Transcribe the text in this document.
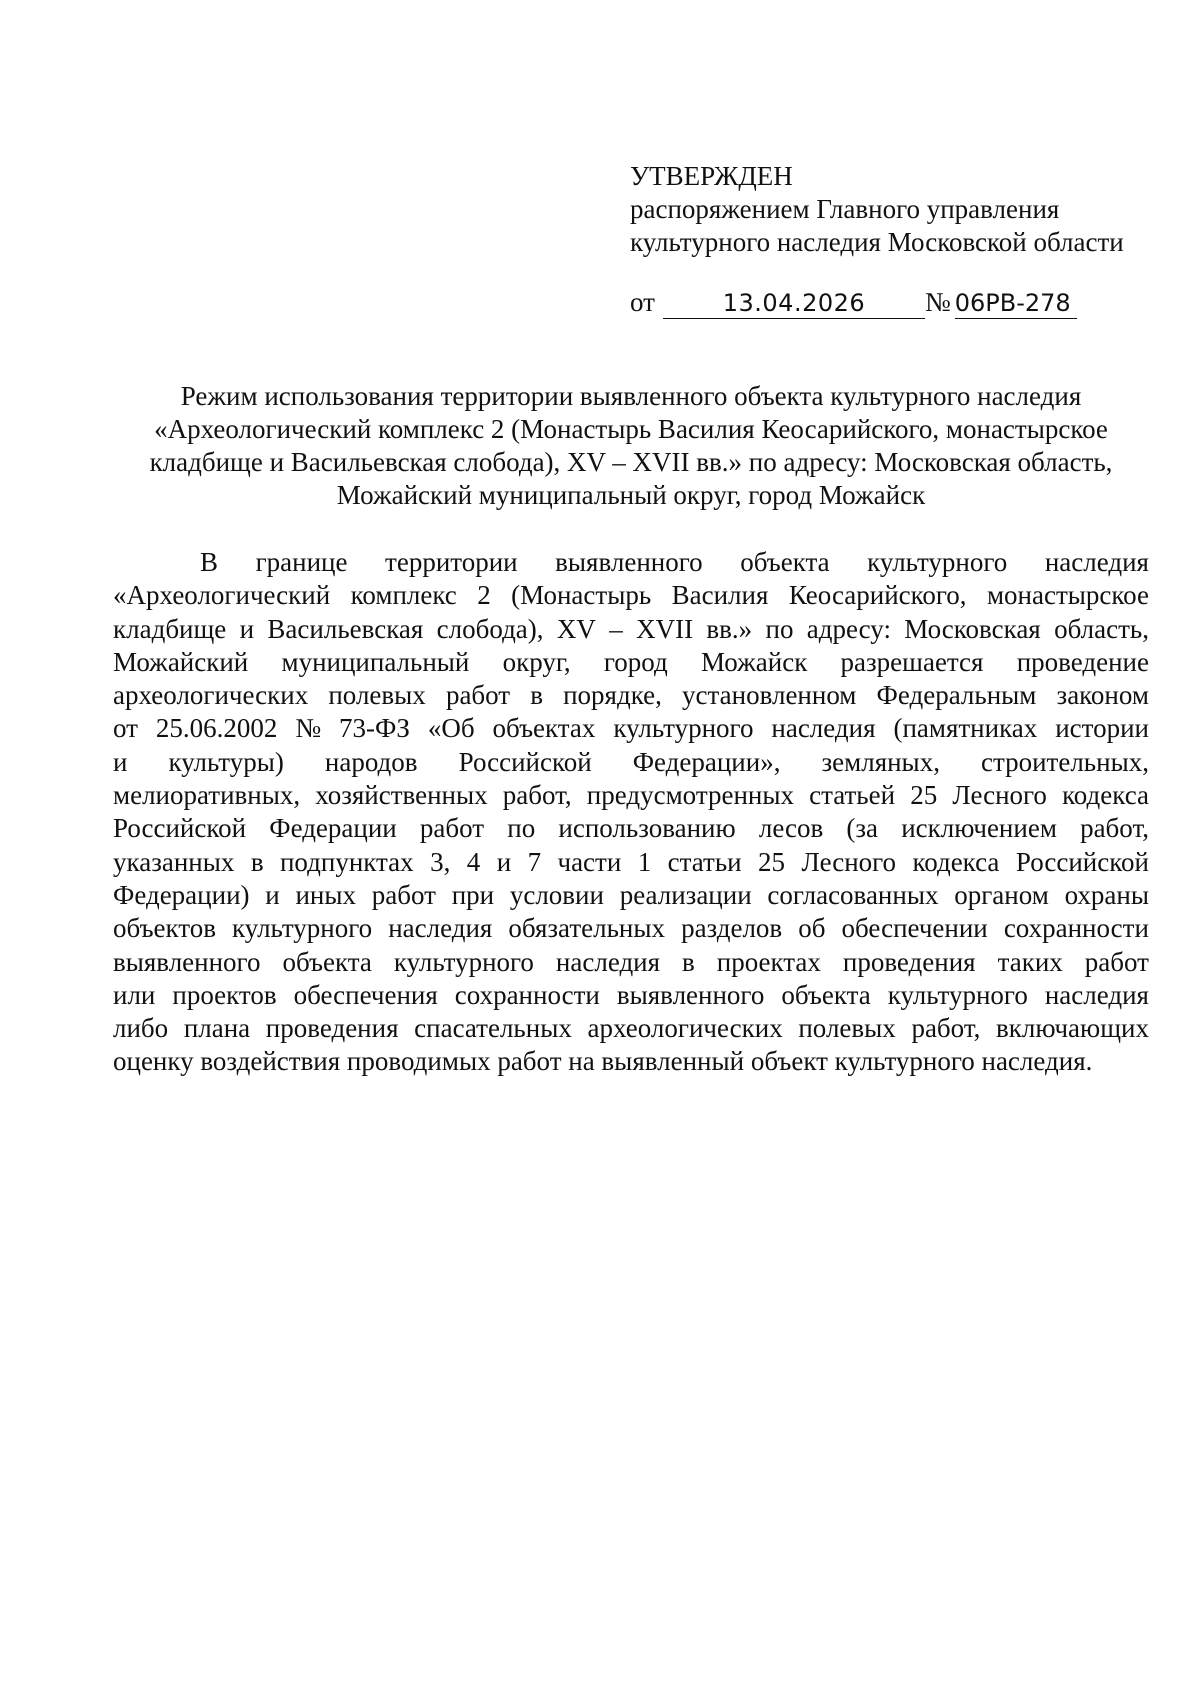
УТВЕРЖДЕН
распоряжением Главного управления
культурного наследия Московской области
от	13.04.2026	№ 06РВ-278
Режим использования территории выявленного объекта культурного наследия
«Археологический комплекс 2 (Монастырь Василия Кеосарийского, монастырское
кладбище и Васильевская слобода), XV – XVII вв.» по адресу: Московская область,
Можайский муниципальный округ, город Можайск
В границе территории выявленного объекта культурного наследия
«Археологический комплекс 2 (Монастырь Василия Кеосарийского, монастырское
кладбище и Васильевская слобода), XV – XVII вв.» по адресу: Московская область,
Можайский муниципальный округ, город Можайск разрешается проведение
археологических полевых работ в порядке, установленном Федеральным законом
от 25.06.2002 № 73-ФЗ «Об объектах культурного наследия (памятниках истории
и культуры) народов Российской Федерации», земляных, строительных,
мелиоративных, хозяйственных работ, предусмотренных статьей 25 Лесного кодекса
Российской Федерации работ по использованию лесов (за исключением работ,
указанных в подпунктах 3, 4 и 7 части 1 статьи 25 Лесного кодекса Российской
Федерации) и иных работ при условии реализации согласованных органом охраны
объектов культурного наследия обязательных разделов об обеспечении сохранности
выявленного объекта культурного наследия в проектах проведения таких работ
или проектов обеспечения сохранности выявленного объекта культурного наследия
либо плана проведения спасательных археологических полевых работ, включающих
оценку воздействия проводимых работ на выявленный объект культурного наследия.
